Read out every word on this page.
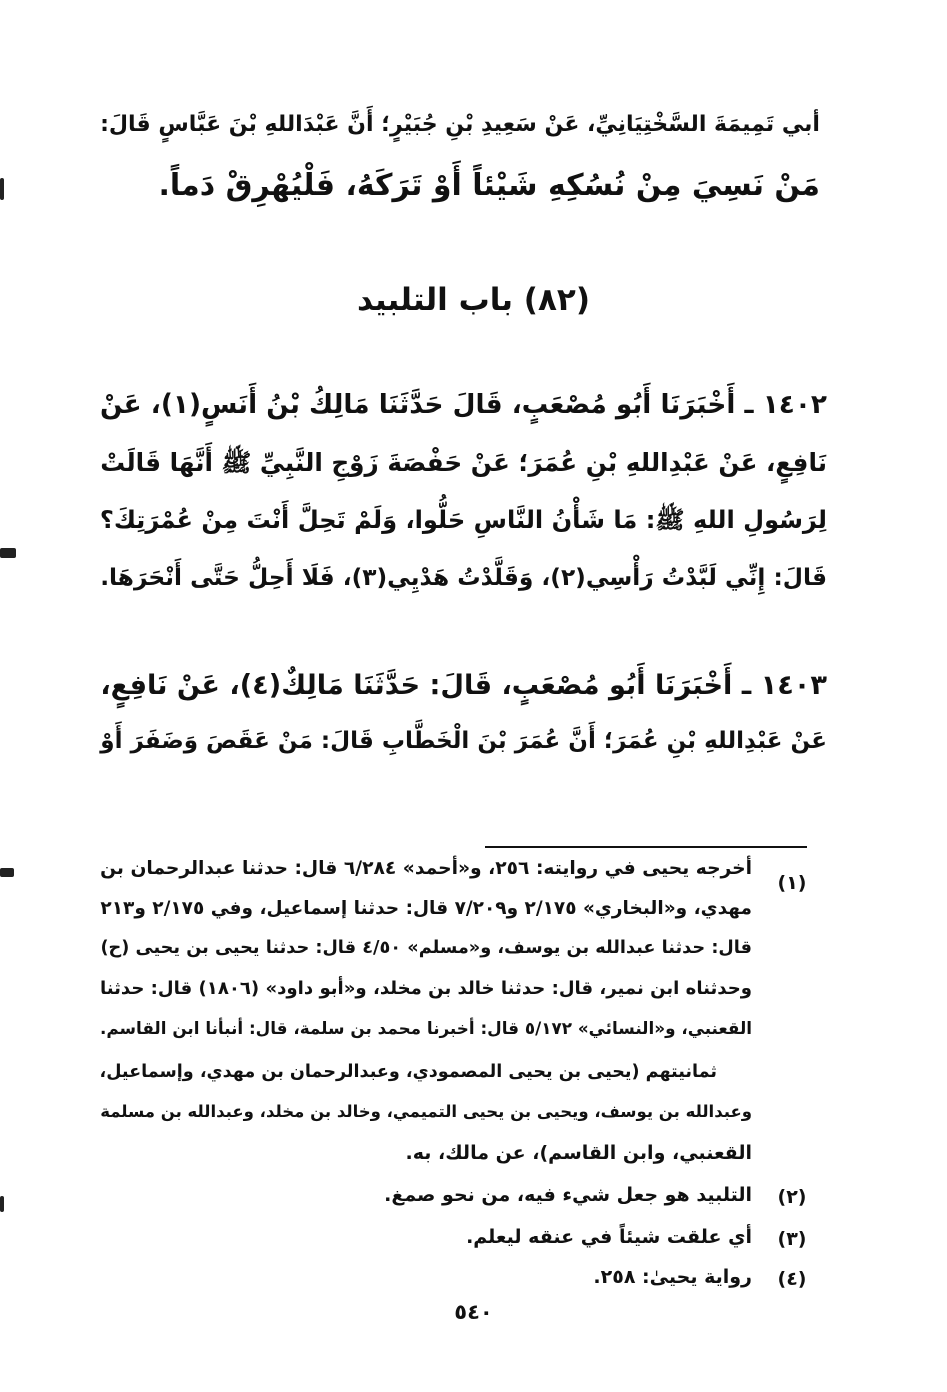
أبي تَمِيمَةَ السَّخْتِيَانِيِّ، عَنْ سَعِيدِ بْنِ جُبَيْرٍ؛ أَنَّ عَبْدَاللهِ بْنَ عَبَّاسٍ قَالَ:
مَنْ نَسِيَ مِنْ نُسُكِهِ شَيْئاً أَوْ تَرَكَهُ، فَلْيُهْرِقْ دَماً.
(٨٢) باب التلبيد
١٤٠٢ ـ أَخْبَرَنَا أَبُو مُصْعَبٍ، قَالَ حَدَّثَنَا مَالِكُ بْنُ أَنَسٍ(١)، عَنْ
نَافِعٍ، عَنْ عَبْدِاللهِ بْنِ عُمَرَ؛ عَنْ حَفْصَةَ زَوْجِ النَّبِيِّ ﷺ أَنَّهَا قَالَتْ
لِرَسُولِ اللهِ ﷺ: مَا شَأْنُ النَّاسِ حَلُّوا، وَلَمْ تَحِلَّ أَنْتَ مِنْ عُمْرَتِكَ؟
قَالَ: إِنِّي لَبَّدْتُ رَأْسِي(٢)، وَقَلَّدْتُ هَدْيِي(٣)، فَلَا أَحِلُّ حَتَّى أَنْحَرَهَا.
١٤٠٣ ـ أَخْبَرَنَا أَبُو مُصْعَبٍ، قَالَ: حَدَّثَنَا مَالِكٌ(٤)، عَنْ نَافِعٍ،
عَنْ عَبْدِاللهِ بْنِ عُمَرَ؛ أَنَّ عُمَرَ بْنَ الْخَطَّابِ قَالَ: مَنْ عَقَصَ وَضَفَرَ أَوْ
(١)
أخرجه يحيى في روايته: ٢٥٦، و«أحمد» ٦/٢٨٤ قال: حدثنا عبدالرحمان بن
مهدي، و«البخاري» ٢/١٧٥ و٧/٢٠٩ قال: حدثنا إسماعيل، وفي ٢/١٧٥ و٢١٣
قال: حدثنا عبدالله بن يوسف، و«مسلم» ٤/٥٠ قال: حدثنا يحيى بن يحيى (ح)
وحدثناه ابن نمير، قال: حدثنا خالد بن مخلد، و«أبو داود» (١٨٠٦) قال: حدثنا
القعنبي، و«النسائي» ٥/١٧٢ قال: أخبرنا محمد بن سلمة، قال: أنبأنا ابن القاسم.
ثمانيتهم (يحيى بن يحيى المصمودي، وعبدالرحمان بن مهدي، وإسماعيل،
وعبدالله بن يوسف، ويحيى بن يحيى التميمي، وخالد بن مخلد، وعبدالله بن مسلمة
القعنبي، وابن القاسم)، عن مالك، به.
(٢)
التلبيد هو جعل شيء فيه، من نحو صمغ.
(٣)
أي علقت شيئاً في عنقه ليعلم.
(٤)
رواية يحيىٰ: ٢٥٨.
٥٤٠
